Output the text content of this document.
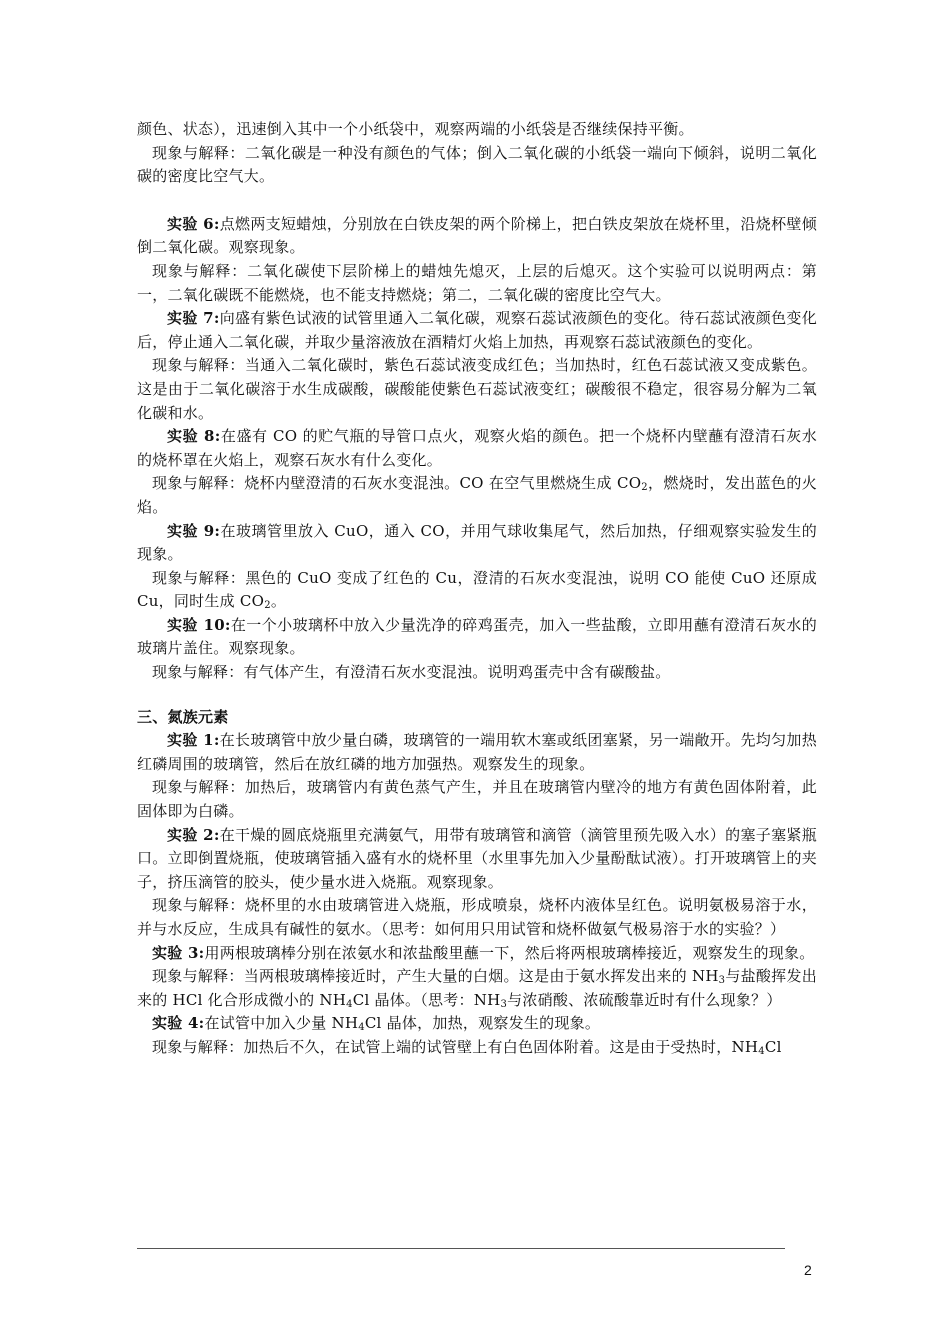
颜色、状态），迅速倒入其中一个小纸袋中，观察两端的小纸袋是否继续保持平衡。

现象与解释：二氧化碳是一种没有颜色的气体；倒入二氧化碳的小纸袋一端向下倾斜，说明二氧化碳的密度比空气大。

实验 6:点燃两支短蜡烛，分别放在白铁皮架的两个阶梯上，把白铁皮架放在烧杯里，沿烧杯壁倾倒二氧化碳。观察现象。

现象与解释：二氧化碳使下层阶梯上的蜡烛先熄灭，上层的后熄灭。这个实验可以说明两点：第一，二氧化碳既不能燃烧，也不能支持燃烧；第二，二氧化碳的密度比空气大。

实验 7:向盛有紫色试液的试管里通入二氧化碳，观察石蕊试液颜色的变化。待石蕊试液颜色变化后，停止通入二氧化碳，并取少量溶液放在酒精灯火焰上加热，再观察石蕊试液颜色的变化。

现象与解释：当通入二氧化碳时，紫色石蕊试液变成红色；当加热时，红色石蕊试液又变成紫色。这是由于二氧化碳溶于水生成碳酸，碳酸能使紫色石蕊试液变红；碳酸很不稳定，很容易分解为二氧化碳和水。

实验 8:在盛有 CO 的贮气瓶的导管口点火，观察火焰的颜色。把一个烧杯内壁蘸有澄清石灰水的烧杯罩在火焰上，观察石灰水有什么变化。

现象与解释：烧杯内壁澄清的石灰水变混浊。CO 在空气里燃烧生成 $CO_2$，燃烧时，发出蓝色的火焰。

实验 9:在玻璃管里放入 CuO，通入 CO，并用气球收集尾气，然后加热，仔细观察实验发生的现象。

现象与解释：黑色的 CuO 变成了红色的 Cu，澄清的石灰水变混浊，说明 CO 能使 CuO 还原成 Cu，同时生成 $CO_2$。

实验 10:在一个小玻璃杯中放入少量洗净的碎鸡蛋壳，加入一些盐酸，立即用蘸有澄清石灰水的玻璃片盖住。观察现象。

现象与解释：有气体产生，有澄清石灰水变混浊。说明鸡蛋壳中含有碳酸盐。

三、氮族元素

实验 1:在长玻璃管中放少量白磷，玻璃管的一端用软木塞或纸团塞紧，另一端敞开。先均匀加热红磷周围的玻璃管，然后在放红磷的地方加强热。观察发生的现象。

现象与解释：加热后，玻璃管内有黄色蒸气产生，并且在玻璃管内壁冷的地方有黄色固体附着，此固体即为白磷。

实验 2:在干燥的圆底烧瓶里充满氨气，用带有玻璃管和滴管（滴管里预先吸入水）的塞子塞紧瓶口。立即倒置烧瓶，使玻璃管插入盛有水的烧杯里（水里事先加入少量酚酞试液）。打开玻璃管上的夹子，挤压滴管的胶头，使少量水进入烧瓶。观察现象。

现象与解释：烧杯里的水由玻璃管进入烧瓶，形成喷泉，烧杯内液体呈红色。说明氨极易溶于水，并与水反应，生成具有碱性的氨水。（思考：如何用只用试管和烧杯做氨气极易溶于水的实验？）

实验 3:用两根玻璃棒分别在浓氨水和浓盐酸里蘸一下，然后将两根玻璃棒接近，观察发生的现象。

现象与解释：当两根玻璃棒接近时，产生大量的白烟。这是由于氨水挥发出来的 $NH_3$与盐酸挥发出来的 HCl 化合形成微小的 $NH_4Cl$ 晶体。（思考：$NH_3$与浓硝酸、浓硫酸靠近时有什么现象？）

实验 4:在试管中加入少量 $NH_4Cl$ 晶体，加热，观察发生的现象。

现象与解释：加热后不久，在试管上端的试管壁上有白色固体附着。这是由于受热时，$NH_4Cl$

2
